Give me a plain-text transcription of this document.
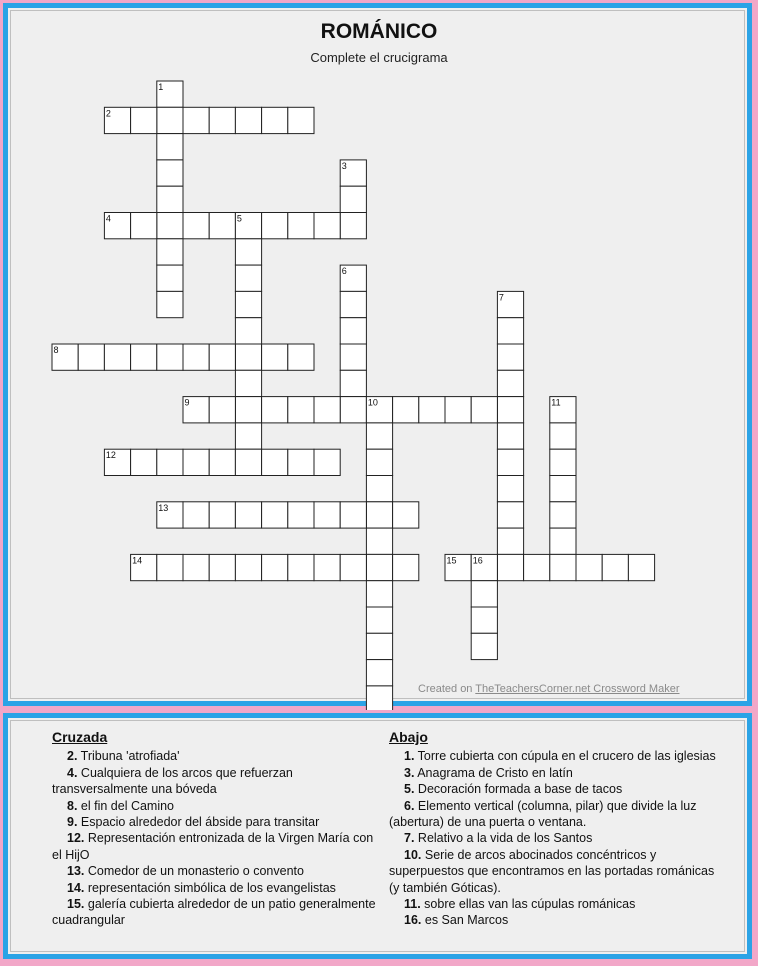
ROMÁNICO
Complete el crucigrama
1
2
3
4	5
6
7
8
9	10	11
12
13
14	15 16
Created on TheTeachersCorner.net Crossword Maker
Cruzada
2. Tribuna 'atrofiada'
4. Cualquiera de los arcos que refuerzan transversalmente una bóveda
8. el fin del Camino
9. Espacio alrededor del ábside para transitar
12. Representación entronizada de la Virgen María con el HijO
13. Comedor de un monasterio o convento
14. representación simbólica de los evangelistas
15. galería cubierta alrededor de un patio generalmente cuadrangular
Abajo
1. Torre cubierta con cúpula en el crucero de las iglesias
3. Anagrama de Cristo en latín
5. Decoración formada a base de tacos
6. Elemento vertical (columna, pilar) que divide la luz (abertura) de una puerta o ventana.
7. Relativo a la vida de los Santos
10. Serie de arcos abocinados concéntricos y superpuestos que encontramos en las portadas románicas (y también Góticas).
11. sobre ellas van las cúpulas románicas
16. es San Marcos
